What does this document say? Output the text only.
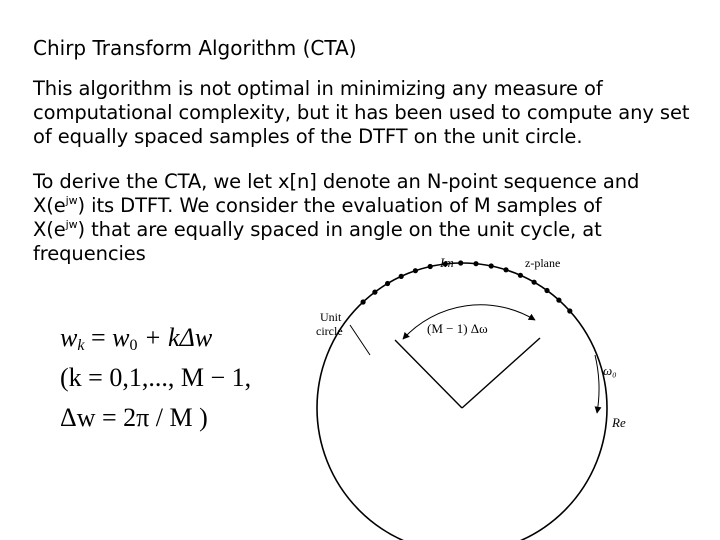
Chirp Transform Algorithm (CTA)
This algorithm is not optimal in minimizing any measure of
computational complexity, but it has been used to compute any set
of equally spaced samples of the DTFT on the unit circle.
To derive the CTA, we let x[n] denote an N-point sequence and
$X(e^{jw})$ its DTFT. We consider the evaluation of M samples of
$X(e^{jw})$ that are equally spaced in angle on the unit cycle, at
frequencies
$w_k = w_0 + k\Delta w$
(k = 0,1,..., M − 1,
Δw = 2π / M )
Im	z-plane
Unit
circle	(M − 1) Δω
ω₀
Re
